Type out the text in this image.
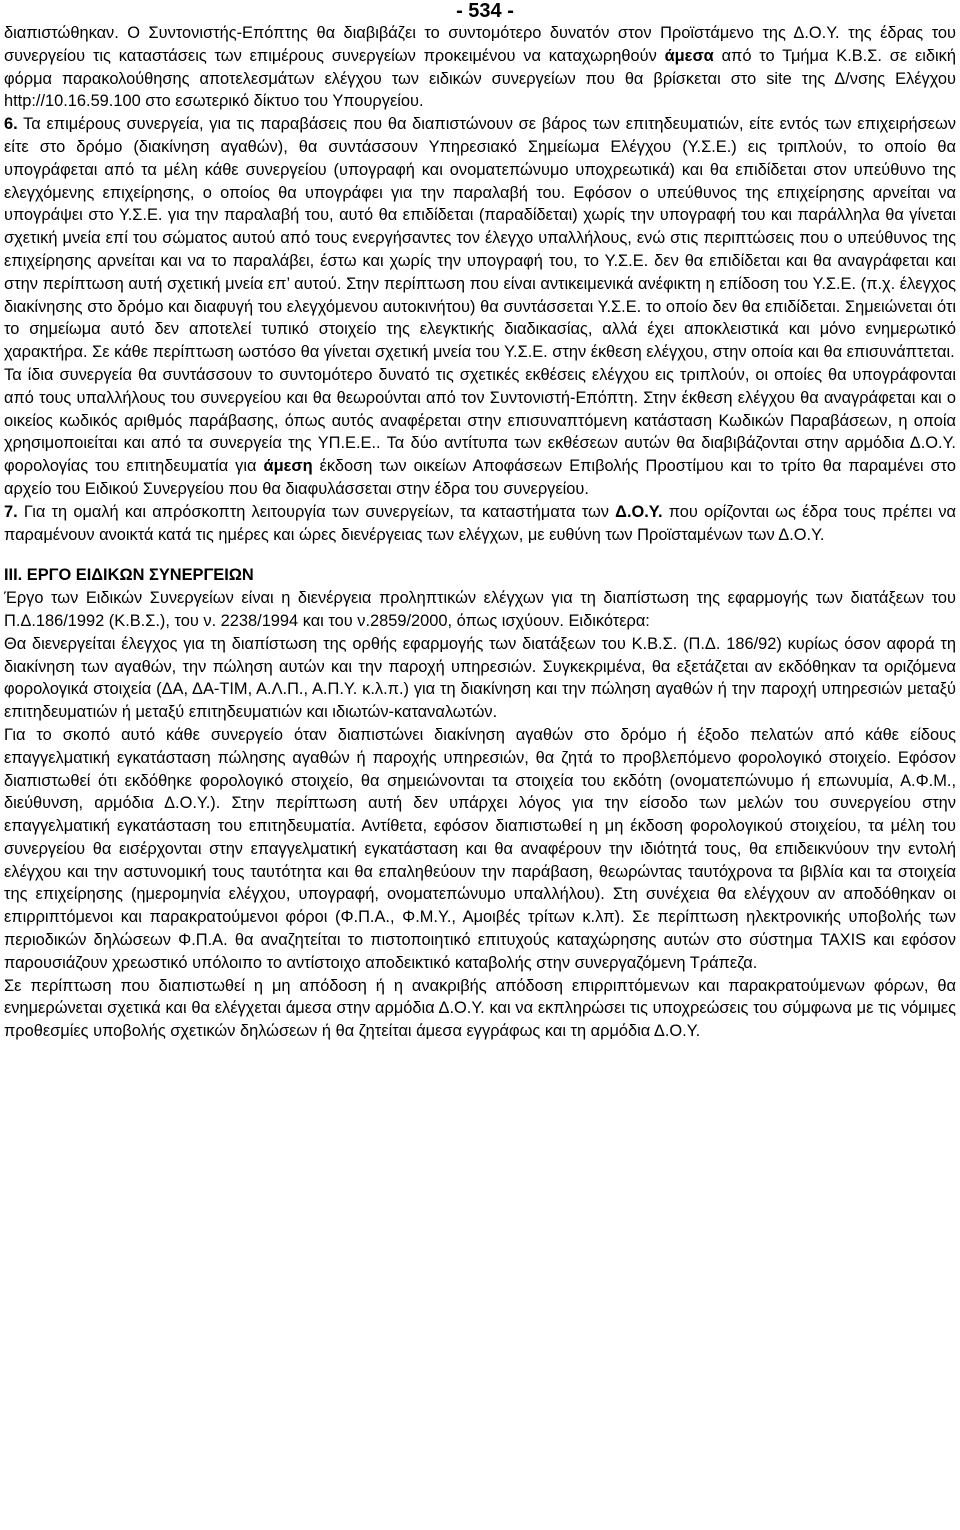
- 534 -

διαπιστώθηκαν. Ο Συντονιστής-Επόπτης θα διαβιβάζει το συντομότερο δυνατόν στον Προϊστάμενο της Δ.Ο.Υ. της έδρας του συνεργείου τις καταστάσεις των επιμέρους συνεργείων προκειμένου να καταχωρηθούν άμεσα από το Τμήμα Κ.Β.Σ. σε ειδική φόρμα παρακολούθησης αποτελεσμάτων ελέγχου των ειδικών συνεργείων που θα βρίσκεται στο site της Δ/νσης Ελέγχου http://10.16.59.100 στο εσωτερικό δίκτυο του Υπουργείου.

6. Τα επιμέρους συνεργεία, για τις παραβάσεις που θα διαπιστώνουν σε βάρος των επιτηδευματιών, είτε εντός των επιχειρήσεων είτε στο δρόμο (διακίνηση αγαθών), θα συντάσσουν Υπηρεσιακό Σημείωμα Ελέγχου (Υ.Σ.Ε.) εις τριπλούν, το οποίο θα υπογράφεται από τα μέλη κάθε συνεργείου (υπογραφή και ονοματεπώνυμο υποχρεωτικά) και θα επιδίδεται στον υπεύθυνο της ελεγχόμενης επιχείρησης, ο οποίος θα υπογράφει για την παραλαβή του. Εφόσον ο υπεύθυνος της επιχείρησης αρνείται να υπογράψει στο Υ.Σ.Ε. για την παραλαβή του, αυτό θα επιδίδεται (παραδίδεται) χωρίς την υπογραφή του και παράλληλα θα γίνεται σχετική μνεία επί του σώματος αυτού από τους ενεργήσαντες τον έλεγχο υπαλλήλους, ενώ στις περιπτώσεις που ο υπεύθυνος της επιχείρησης αρνείται και να το παραλάβει, έστω και χωρίς την υπογραφή του, το Υ.Σ.Ε. δεν θα επιδίδεται και θα αναγράφεται και στην περίπτωση αυτή σχετική μνεία επ’ αυτού. Στην περίπτωση που είναι αντικειμενικά ανέφικτη η επίδοση του Υ.Σ.Ε. (π.χ. έλεγχος διακίνησης στο δρόμο και διαφυγή του ελεγχόμενου αυτοκινήτου) θα συντάσσεται Υ.Σ.Ε. το οποίο δεν θα επιδίδεται. Σημειώνεται ότι το σημείωμα αυτό δεν αποτελεί τυπικό στοιχείο της ελεγκτικής διαδικασίας, αλλά έχει αποκλειστικά και μόνο ενημερωτικό χαρακτήρα. Σε κάθε περίπτωση ωστόσο θα γίνεται σχετική μνεία του Υ.Σ.Ε. στην έκθεση ελέγχου, στην οποία και θα επισυνάπτεται.

Τα ίδια συνεργεία θα συντάσσουν το συντομότερο δυνατό τις σχετικές εκθέσεις ελέγχου εις τριπλούν, οι οποίες θα υπογράφονται από τους υπαλλήλους του συνεργείου και θα θεωρούνται από τον Συντονιστή-Επόπτη. Στην έκθεση ελέγχου θα αναγράφεται και ο οικείος κωδικός αριθμός παράβασης, όπως αυτός αναφέρεται στην επισυναπτόμενη κατάσταση Κωδικών Παραβάσεων, η οποία χρησιμοποιείται και από τα συνεργεία της ΥΠ.Ε.Ε.. Τα δύο αντίτυπα των εκθέσεων αυτών θα διαβιβάζονται στην αρμόδια Δ.Ο.Υ. φορολογίας του επιτηδευματία για άμεση έκδοση των οικείων Αποφάσεων Επιβολής Προστίμου και το τρίτο θα παραμένει στο αρχείο του Ειδικού Συνεργείου που θα διαφυλάσσεται στην έδρα του συνεργείου.

7. Για τη ομαλή και απρόσκοπτη λειτουργία των συνεργείων, τα καταστήματα των Δ.Ο.Υ. που ορίζονται ως έδρα τους πρέπει να παραμένουν ανοικτά κατά τις ημέρες και ώρες διενέργειας των ελέγχων, με ευθύνη των Προϊσταμένων των Δ.Ο.Υ.

III. ΕΡΓΟ ΕΙΔΙΚΩΝ ΣΥΝΕΡΓΕΙΩΝ

Έργο των Ειδικών Συνεργείων είναι η διενέργεια προληπτικών ελέγχων για τη διαπίστωση της εφαρμογής των διατάξεων του Π.Δ.186/1992 (Κ.Β.Σ.), του ν. 2238/1994 και του ν.2859/2000, όπως ισχύουν. Ειδικότερα:

Θα διενεργείται έλεγχος για τη διαπίστωση της ορθής εφαρμογής των διατάξεων του Κ.Β.Σ. (Π.Δ. 186/92) κυρίως όσον αφορά τη διακίνηση των αγαθών, την πώληση αυτών και την παροχή υπηρεσιών. Συγκεκριμένα, θα εξετάζεται αν εκδόθηκαν τα οριζόμενα φορολογικά στοιχεία (ΔΑ, ΔΑ-ΤΙΜ, Α.Λ.Π., Α.Π.Υ. κ.λ.π.) για τη διακίνηση και την πώληση αγαθών ή την παροχή υπηρεσιών μεταξύ επιτηδευματιών ή μεταξύ επιτηδευματιών και ιδιωτών-καταναλωτών.

Για το σκοπό αυτό κάθε συνεργείο όταν διαπιστώνει διακίνηση αγαθών στο δρόμο ή έξοδο πελατών από κάθε είδους επαγγελματική εγκατάσταση πώλησης αγαθών ή παροχής υπηρεσιών, θα ζητά το προβλεπόμενο φορολογικό στοιχείο. Εφόσον διαπιστωθεί ότι εκδόθηκε φορολογικό στοιχείο, θα σημειώνονται τα στοιχεία του εκδότη (ονοματεπώνυμο ή επωνυμία, Α.Φ.Μ., διεύθυνση, αρμόδια Δ.Ο.Υ.). Στην περίπτωση αυτή δεν υπάρχει λόγος για την είσοδο των μελών του συνεργείου στην επαγγελματική εγκατάσταση του επιτηδευματία. Αντίθετα, εφόσον διαπιστωθεί η μη έκδοση φορολογικού στοιχείου, τα μέλη του συνεργείου θα εισέρχονται στην επαγγελματική εγκατάσταση και θα αναφέρουν την ιδιότητά τους, θα επιδεικνύουν την εντολή ελέγχου και την αστυνομική τους ταυτότητα και θα επαληθεύουν την παράβαση, θεωρώντας ταυτόχρονα τα βιβλία και τα στοιχεία της επιχείρησης (ημερομηνία ελέγχου, υπογραφή, ονοματεπώνυμο υπαλλήλου). Στη συνέχεια θα ελέγχουν αν αποδόθηκαν οι επιρριπτόμενοι και παρακρατούμενοι φόροι (Φ.Π.Α., Φ.Μ.Υ., Αμοιβές τρίτων κ.λπ). Σε περίπτωση ηλεκτρονικής υποβολής των περιοδικών δηλώσεων Φ.Π.Α. θα αναζητείται το πιστοποιητικό επιτυχούς καταχώρησης αυτών στο σύστημα TAXIS και εφόσον παρουσιάζουν χρεωστικό υπόλοιπο το αντίστοιχο αποδεικτικό καταβολής στην συνεργαζόμενη Τράπεζα.

Σε περίπτωση που διαπιστωθεί η μη απόδοση ή η ανακριβής απόδοση επιρριπτόμενων και παρακρατούμενων φόρων, θα ενημερώνεται σχετικά και θα ελέγχεται άμεσα στην αρμόδια Δ.Ο.Υ. και να εκπληρώσει τις υποχρεώσεις του σύμφωνα με τις νόμιμες προθεσμίες υποβολής σχετικών δηλώσεων ή θα ζητείται άμεσα εγγράφως και τη αρμόδια Δ.Ο.Υ.
